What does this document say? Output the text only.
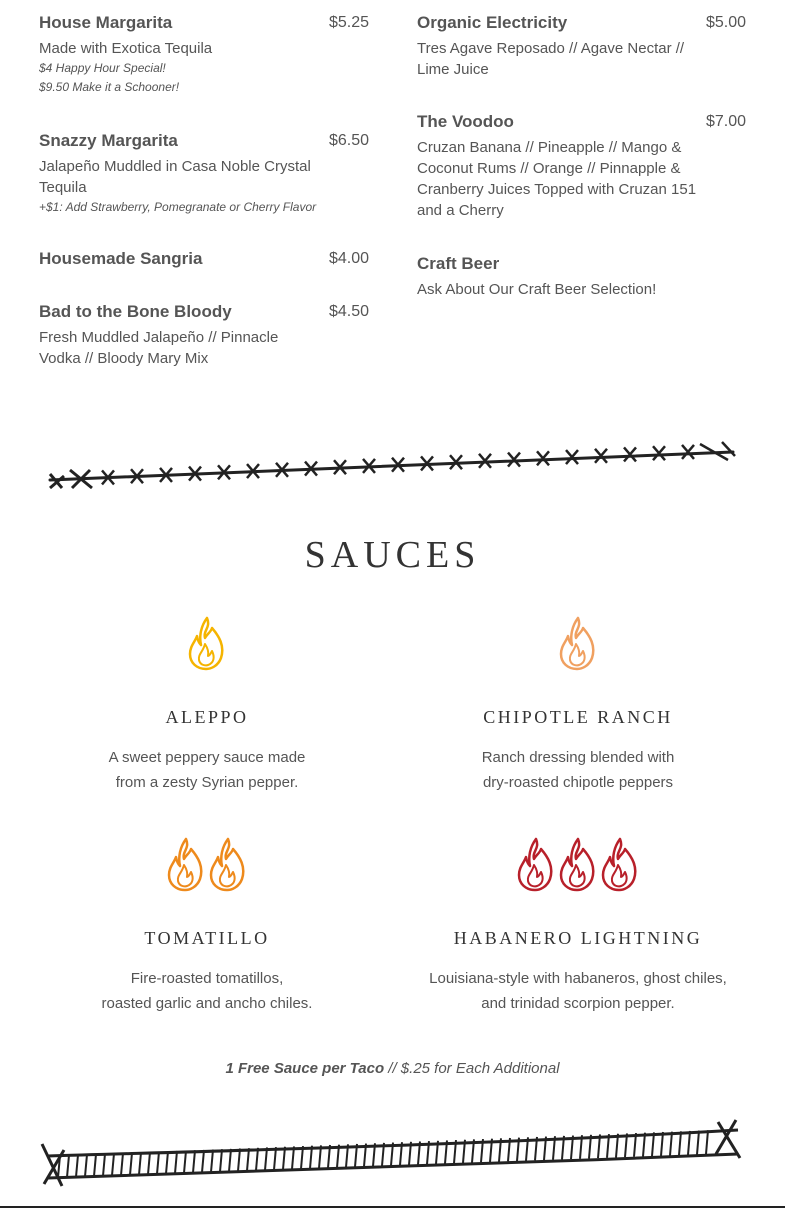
House Margarita	$5.25
Made with Exotica Tequila
$4 Happy Hour Special!
$9.50 Make it a Schooner!
Snazzy Margarita	$6.50
Jalapeño Muddled in Casa Noble Crystal Tequila
+$1: Add Strawberry, Pomegranate or Cherry Flavor
Housemade Sangria	$4.00
Bad to the Bone Bloody	$4.50
Fresh Muddled Jalapeño // Pinnacle Vodka // Bloody Mary Mix
Organic Electricity	$5.00
Tres Agave Reposado // Agave Nectar // Lime Juice
The Voodoo	$7.00
Cruzan Banana // Pineapple // Mango & Coconut Rums // Orange // Pinnapple & Cranberry Juices Topped with Cruzan 151 and a Cherry
Craft Beer
Ask About Our Craft Beer Selection!
SAUCES
ALEPPO
A sweet peppery sauce made
from a zesty Syrian pepper.
CHIPOTLE RANCH
Ranch dressing blended with
dry-roasted chipotle peppers
TOMATILLO
Fire-roasted tomatillos,
roasted garlic and ancho chiles.
HABANERO LIGHTNING
Louisiana-style with habaneros, ghost chiles,
and trinidad scorpion pepper.
1 Free Sauce per Taco // $.25 for Each Additional
